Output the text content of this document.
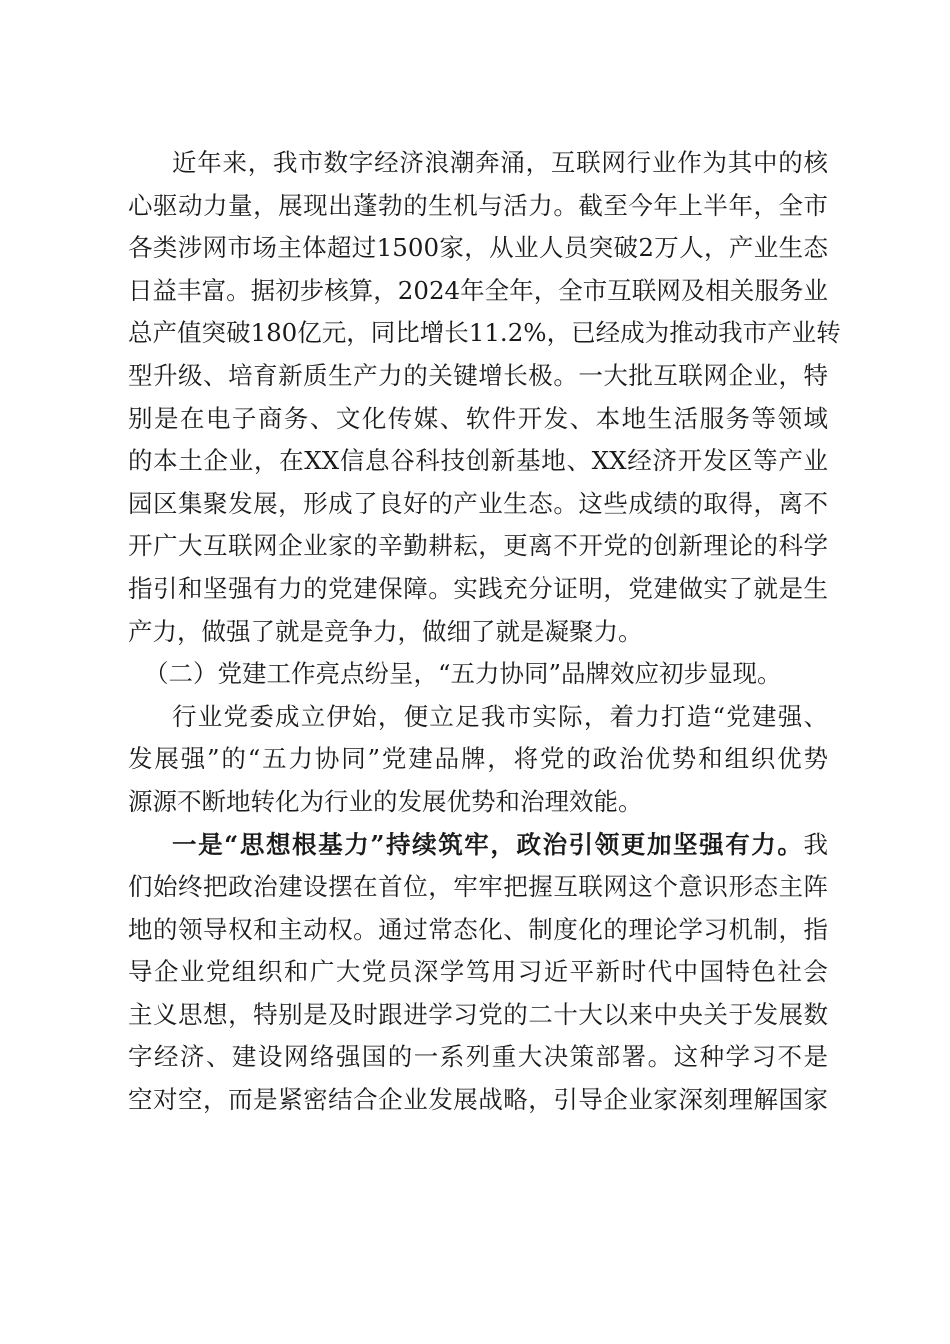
近年来，我市数字经济浪潮奔涌，互联网行业作为其中的核
心驱动力量，展现出蓬勃的生机与活力。截至今年上半年，全市
各类涉网市场主体超过1500家，从业人员突破2万人，产业生态
日益丰富。据初步核算，2024年全年，全市互联网及相关服务业
总产值突破180亿元，同比增长11.2%，已经成为推动我市产业转
型升级、培育新质生产力的关键增长极。一大批互联网企业，特
别是在电子商务、文化传媒、软件开发、本地生活服务等领域
的本土企业，在XX信息谷科技创新基地、XX经济开发区等产业
园区集聚发展，形成了良好的产业生态。这些成绩的取得，离不
开广大互联网企业家的辛勤耕耘，更离不开党的创新理论的科学
指引和坚强有力的党建保障。实践充分证明，党建做实了就是生
产力，做强了就是竞争力，做细了就是凝聚力。
（二）党建工作亮点纷呈，“五力协同”品牌效应初步显现。
行业党委成立伊始，便立足我市实际，着力打造“党建强、
发展强”的“五力协同”党建品牌，将党的政治优势和组织优势
源源不断地转化为行业的发展优势和治理效能。
一是“思想根基力”持续筑牢，政治引领更加坚强有力。我
们始终把政治建设摆在首位，牢牢把握互联网这个意识形态主阵
地的领导权和主动权。通过常态化、制度化的理论学习机制，指
导企业党组织和广大党员深学笃用习近平新时代中国特色社会
主义思想，特别是及时跟进学习党的二十大以来中央关于发展数
字经济、建设网络强国的一系列重大决策部署。这种学习不是
空对空，而是紧密结合企业发展战略，引导企业家深刻理解国家
